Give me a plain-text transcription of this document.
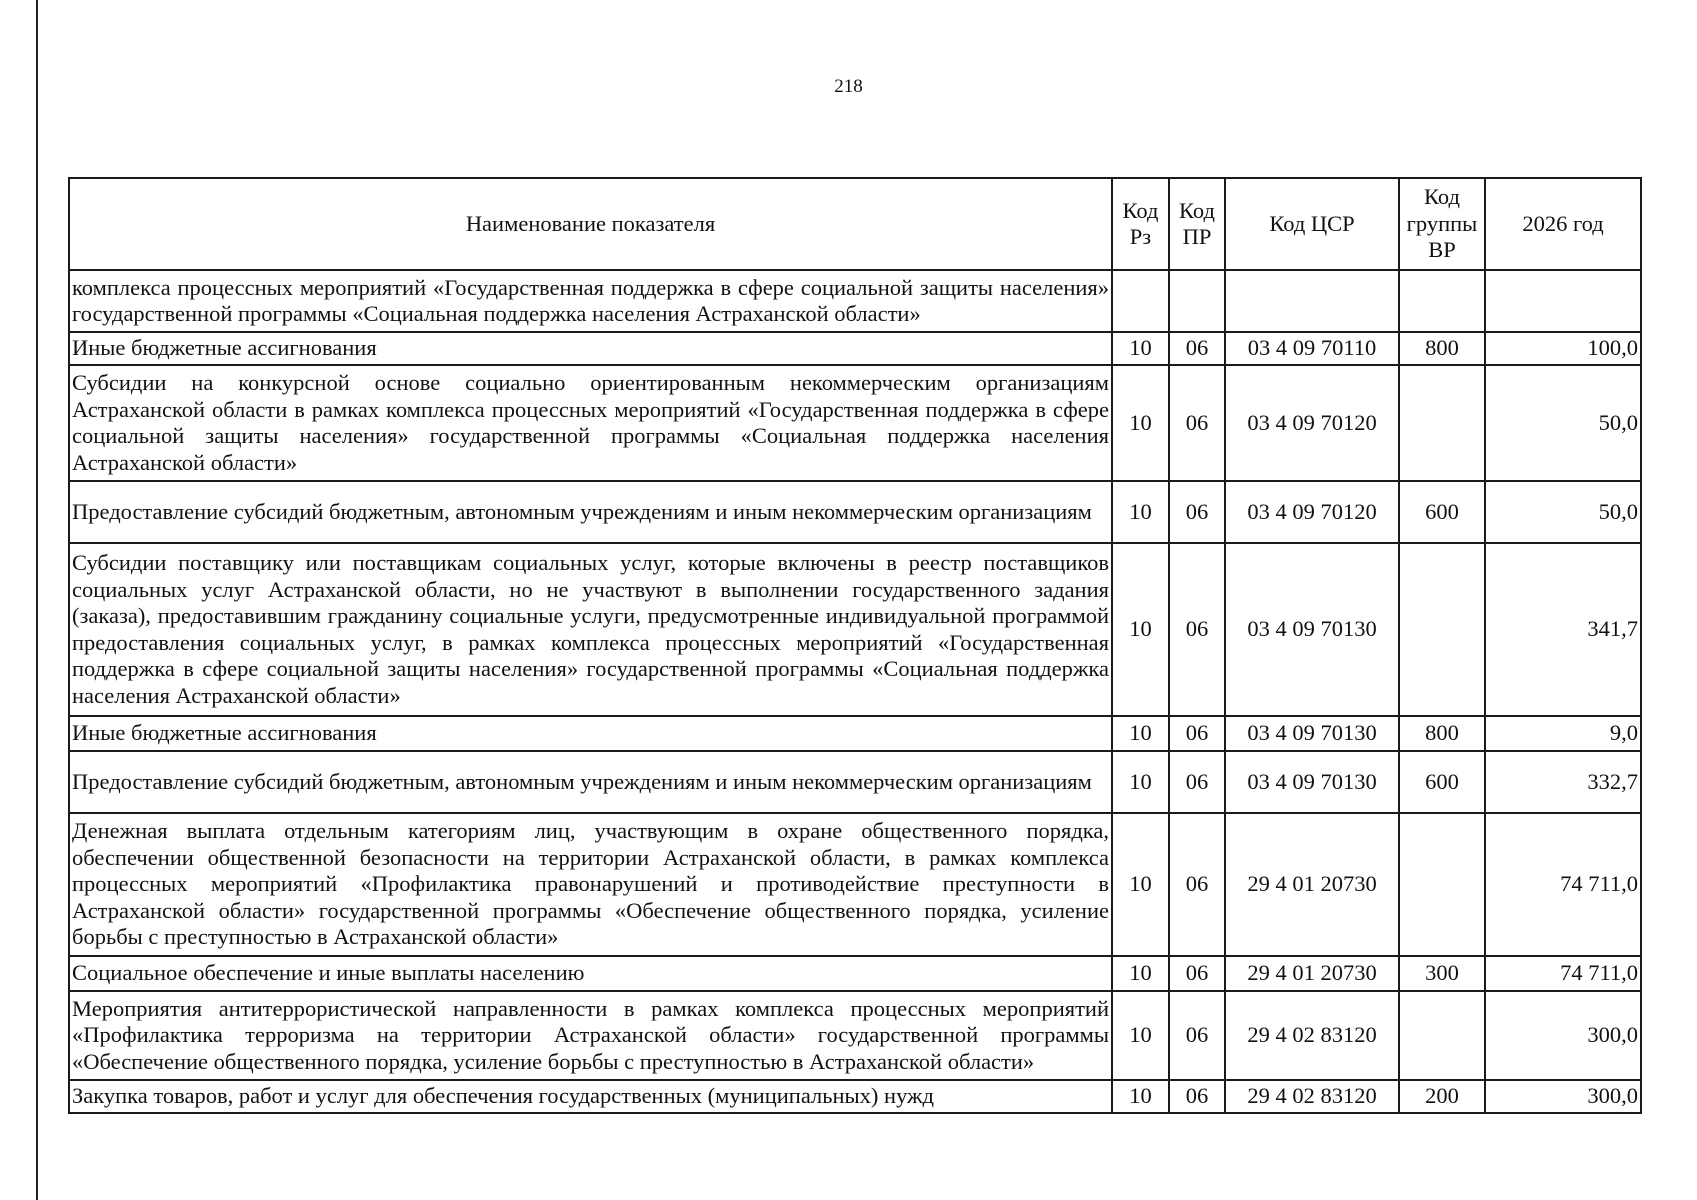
218
Наименование показателя	Код Рз	Код ПР	Код ЦСР	Код группы ВР	2026 год
комплекса процессных мероприятий «Государственная поддержка в сфере социальной защиты населения» государственной программы «Социальная поддержка населения Астраханской области»					
Иные бюджетные ассигнования	10	06	03 4 09 70110	800	100,0
Субсидии на конкурсной основе социально ориентированным некоммерческим организациям Астраханской области в рамках комплекса процессных мероприятий «Государственная поддержка в сфере социальной защиты населения» государственной программы «Социальная поддержка населения Астраханской области»	10	06	03 4 09 70120		50,0
Предоставление субсидий бюджетным, автономным учреждениям и иным некоммерческим организациям	10	06	03 4 09 70120	600	50,0
Субсидии поставщику или поставщикам социальных услуг, которые включены в реестр поставщиков социальных услуг Астраханской области, но не участвуют в выполнении государственного задания (заказа), предоставившим гражданину социальные услуги, предусмотренные индивидуальной программой предоставления социальных услуг, в рамках комплекса процессных мероприятий «Государственная поддержка в сфере социальной защиты населения» государственной программы «Социальная поддержка населения Астраханской области»	10	06	03 4 09 70130		341,7
Иные бюджетные ассигнования	10	06	03 4 09 70130	800	9,0
Предоставление субсидий бюджетным, автономным учреждениям и иным некоммерческим организациям	10	06	03 4 09 70130	600	332,7
Денежная выплата отдельным категориям лиц, участвующим в охране общественного порядка, обеспечении общественной безопасности на территории Астраханской области, в рамках комплекса процессных мероприятий «Профилактика правонарушений и противодействие преступности в Астраханской области» государственной программы «Обеспечение общественного порядка, усиление борьбы с преступностью в Астраханской области»	10	06	29 4 01 20730		74 711,0
Социальное обеспечение и иные выплаты населению	10	06	29 4 01 20730	300	74 711,0
Мероприятия антитеррористической направленности в рамках комплекса процессных мероприятий «Профилактика терроризма на территории Астраханской области» государственной программы «Обеспечение общественного порядка, усиление борьбы с преступностью в Астраханской области»	10	06	29 4 02 83120		300,0
Закупка товаров, работ и услуг для обеспечения государственных (муниципальных) нужд	10	06	29 4 02 83120	200	300,0
